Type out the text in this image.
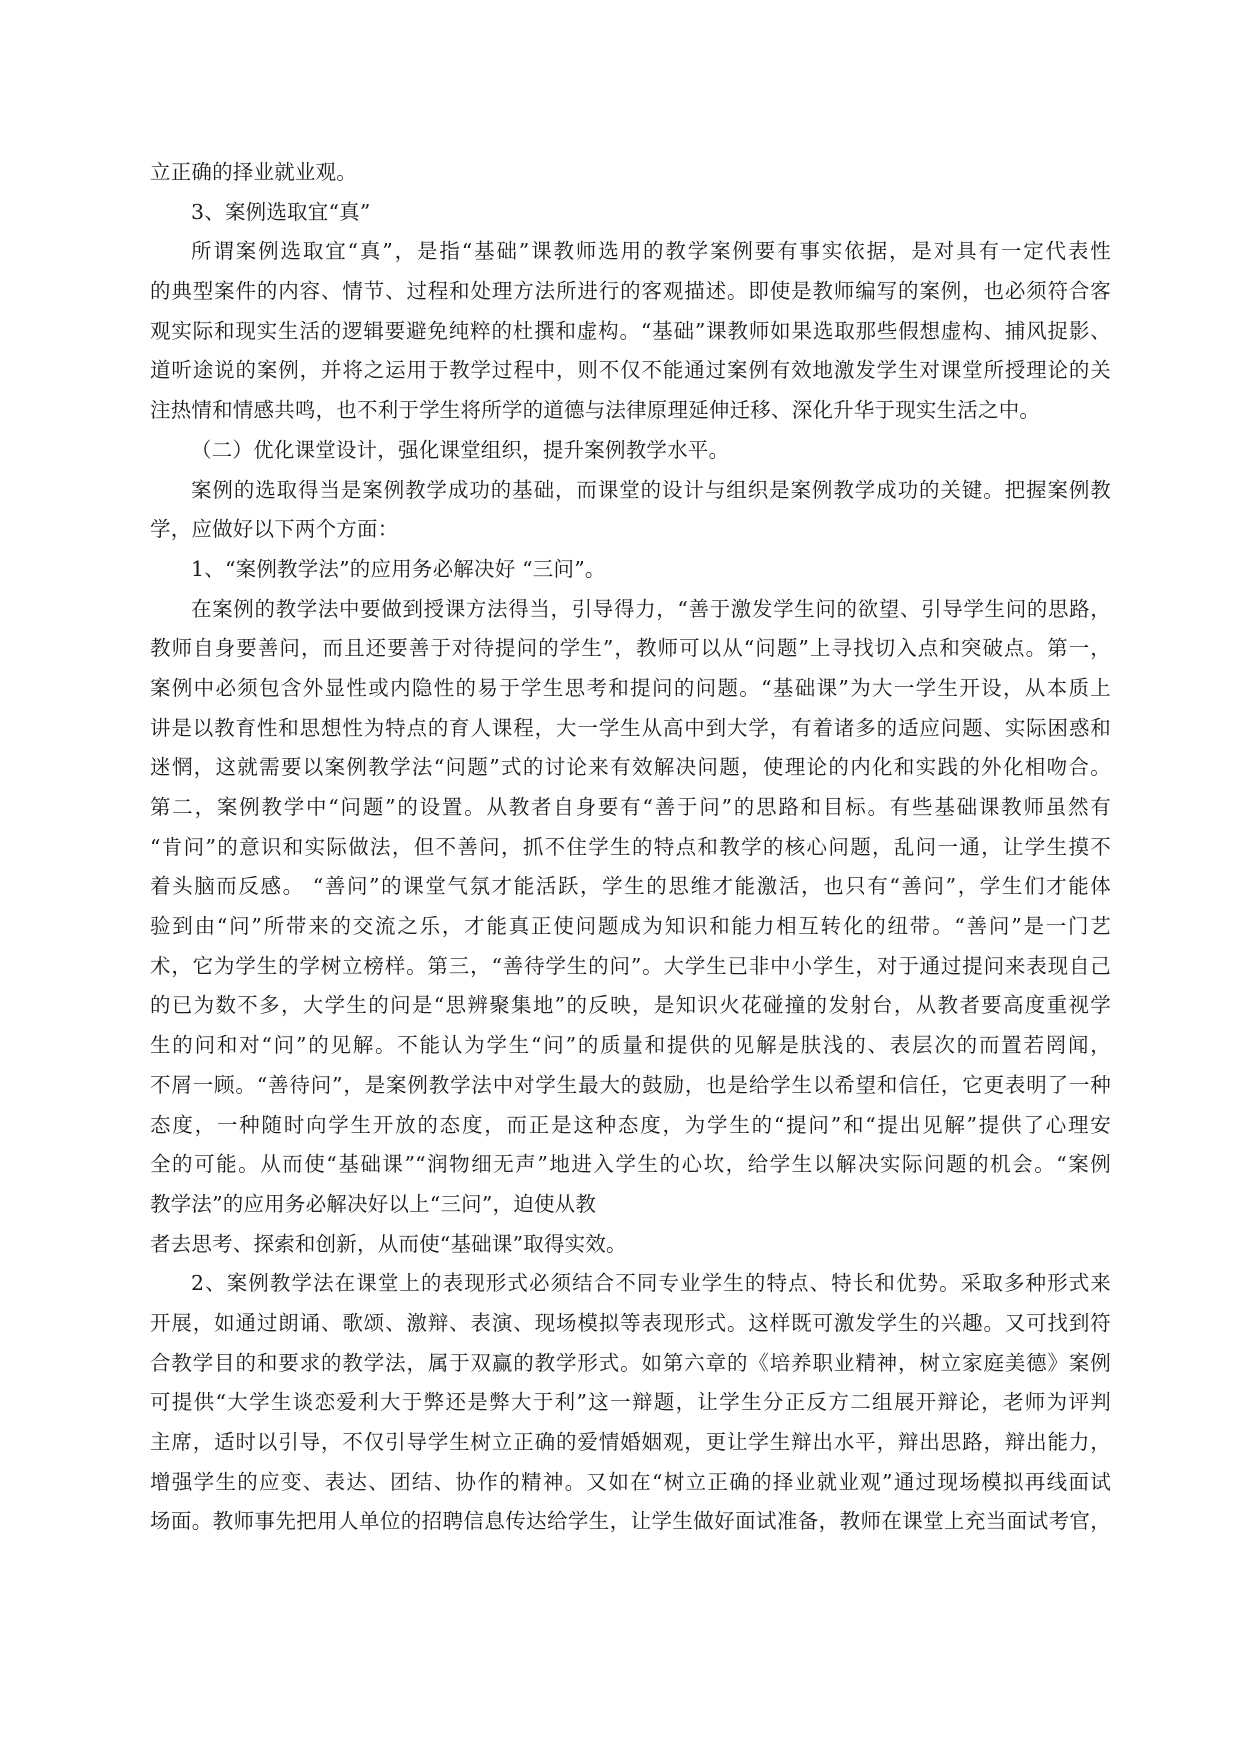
立正确的择业就业观。
3、案例选取宜“真”
所谓案例选取宜“真”，是指“基础”课教师选用的教学案例要有事实依据，是对具有一定代表性
的典型案件的内容、情节、过程和处理方法所进行的客观描述。即使是教师编写的案例，也必须符合客
观实际和现实生活的逻辑要避免纯粹的杜撰和虚构。“基础”课教师如果选取那些假想虚构、捕风捉影、
道听途说的案例，并将之运用于教学过程中，则不仅不能通过案例有效地激发学生对课堂所授理论的关
注热情和情感共鸣，也不利于学生将所学的道德与法律原理延伸迁移、深化升华于现实生活之中。
（二）优化课堂设计，强化课堂组织，提升案例教学水平。
案例的选取得当是案例教学成功的基础，而课堂的设计与组织是案例教学成功的关键。把握案例教
学，应做好以下两个方面：
1、“案例教学法”的应用务必解决好 “三问”。
在案例的教学法中要做到授课方法得当，引导得力，“善于激发学生问的欲望、引导学生问的思路，
教师自身要善问，而且还要善于对待提问的学生”，教师可以从“问题”上寻找切入点和突破点。第一，
案例中必须包含外显性或内隐性的易于学生思考和提问的问题。“基础课”为大一学生开设，从本质上
讲是以教育性和思想性为特点的育人课程，大一学生从高中到大学，有着诸多的适应问题、实际困惑和
迷惘，这就需要以案例教学法“问题”式的讨论来有效解决问题，使理论的内化和实践的外化相吻合。
第二，案例教学中“问题”的设置。从教者自身要有“善于问”的思路和目标。有些基础课教师虽然有
“肯问”的意识和实际做法，但不善问，抓不住学生的特点和教学的核心问题，乱问一通，让学生摸不
着头脑而反感。 “善问”的课堂气氛才能活跃，学生的思维才能激活，也只有“善问”，学生们才能体
验到由“问”所带来的交流之乐，才能真正使问题成为知识和能力相互转化的纽带。“善问”是一门艺
术，它为学生的学树立榜样。第三，“善待学生的问”。大学生已非中小学生，对于通过提问来表现自己
的已为数不多，大学生的问是“思辨聚集地”的反映，是知识火花碰撞的发射台，从教者要高度重视学
生的问和对“问”的见解。不能认为学生“问”的质量和提供的见解是肤浅的、表层次的而置若罔闻，
不屑一顾。“善待问”，是案例教学法中对学生最大的鼓励，也是给学生以希望和信任，它更表明了一种
态度，一种随时向学生开放的态度，而正是这种态度，为学生的“提问”和“提出见解”提供了心理安
全的可能。从而使“基础课”“润物细无声”地进入学生的心坎，给学生以解决实际问题的机会。“案例
教学法”的应用务必解决好以上“三问”，迫使从教
者去思考、探索和创新，从而使“基础课”取得实效。
2、案例教学法在课堂上的表现形式必须结合不同专业学生的特点、特长和优势。采取多种形式来
开展，如通过朗诵、歌颂、激辩、表演、现场模拟等表现形式。这样既可激发学生的兴趣。又可找到符
合教学目的和要求的教学法，属于双赢的教学形式。如第六章的《培养职业精神，树立家庭美德》案例
可提供“大学生谈恋爱利大于弊还是弊大于利”这一辩题，让学生分正反方二组展开辩论，老师为评判
主席，适时以引导，不仅引导学生树立正确的爱情婚姻观，更让学生辩出水平，辩出思路，辩出能力，
增强学生的应变、表达、团结、协作的精神。又如在“树立正确的择业就业观”通过现场模拟再线面试
场面。教师事先把用人单位的招聘信息传达给学生，让学生做好面试准备，教师在课堂上充当面试考官，
